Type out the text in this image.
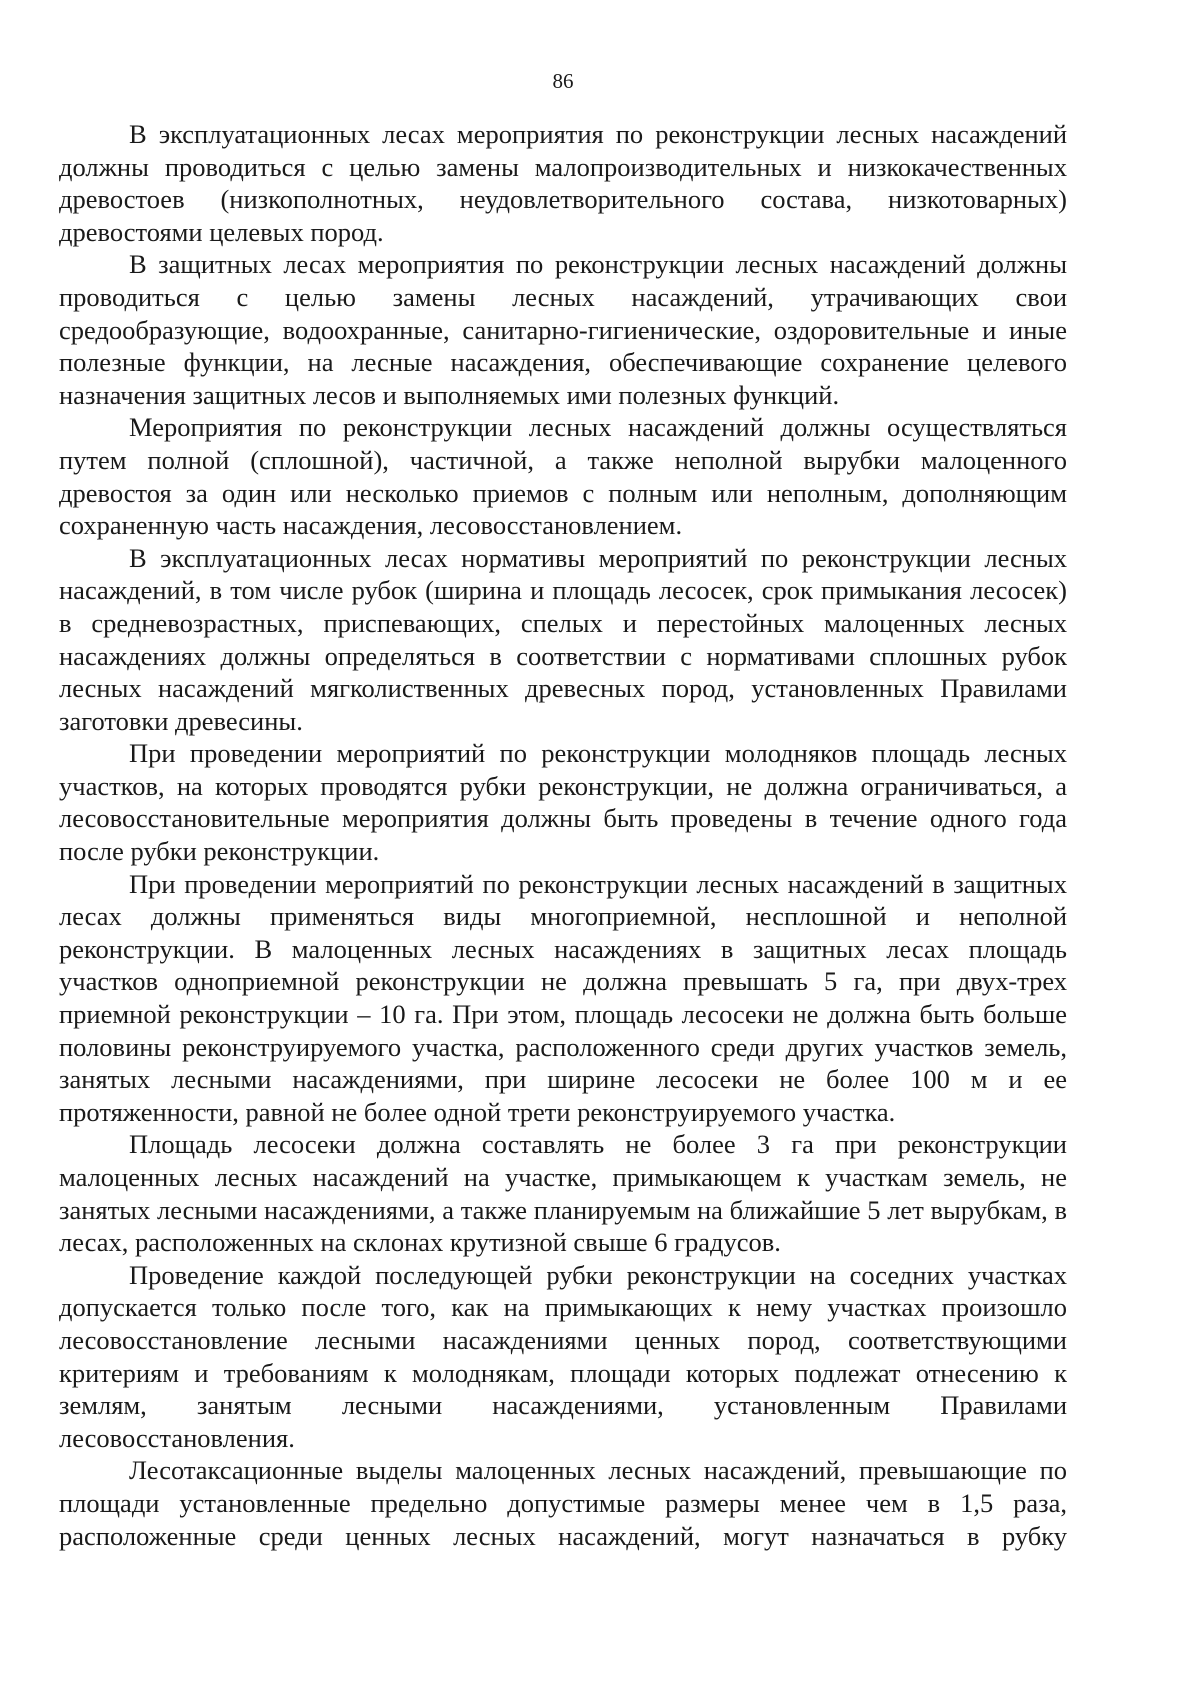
86

В эксплуатационных лесах мероприятия по реконструкции лесных насаждений должны проводиться с целью замены малопроизводительных и низкокачественных древостоев (низкополнотных, неудовлетворительного состава, низкотоварных) древостоями целевых пород.

В защитных лесах мероприятия по реконструкции лесных насаждений должны проводиться с целью замены лесных насаждений, утрачивающих свои средообразующие, водоохранные, санитарно-гигиенические, оздоровительные и иные полезные функции, на лесные насаждения, обеспечивающие сохранение целевого назначения защитных лесов и выполняемых ими полезных функций.

Мероприятия по реконструкции лесных насаждений должны осуществляться путем полной (сплошной), частичной, а также неполной вырубки малоценного древостоя за один или несколько приемов с полным или неполным, дополняющим сохраненную часть насаждения, лесовосстановлением.

В эксплуатационных лесах нормативы мероприятий по реконструкции лесных насаждений, в том числе рубок (ширина и площадь лесосек, срок примыкания лесосек) в средневозрастных, приспевающих, спелых и перестойных малоценных лесных насаждениях должны определяться в соответствии с нормативами сплошных рубок лесных насаждений мягколиственных древесных пород, установленных Правилами заготовки древесины.

При проведении мероприятий по реконструкции молодняков площадь лесных участков, на которых проводятся рубки реконструкции, не должна ограничиваться, а лесовосстановительные мероприятия должны быть проведены в течение одного года после рубки реконструкции.

При проведении мероприятий по реконструкции лесных насаждений в защитных лесах должны применяться виды многоприемной, несплошной и неполной реконструкции. В малоценных лесных насаждениях в защитных лесах площадь участков одноприемной реконструкции не должна превышать 5 га, при двух-трех приемной реконструкции – 10 га. При этом, площадь лесосеки не должна быть больше половины реконструируемого участка, расположенного среди других участков земель, занятых лесными насаждениями, при ширине лесосеки не более 100 м и ее протяженности, равной не более одной трети реконструируемого участка.

Площадь лесосеки должна составлять не более 3 га при реконструкции малоценных лесных насаждений на участке, примыкающем к участкам земель, не занятых лесными насаждениями, а также планируемым на ближайшие 5 лет вырубкам, в лесах, расположенных на склонах крутизной свыше 6 градусов.

Проведение каждой последующей рубки реконструкции на соседних участках допускается только после того, как на примыкающих к нему участках произошло лесовосстановление лесными насаждениями ценных пород, соответствующими критериям и требованиям к молоднякам, площади которых подлежат отнесению к землям, занятым лесными насаждениями, установленным Правилами лесовосстановления.

Лесотаксационные выделы малоценных лесных насаждений, превышающие по площади установленные предельно допустимые размеры менее чем в 1,5 раза, расположенные среди ценных лесных насаждений, могут назначаться в рубку
